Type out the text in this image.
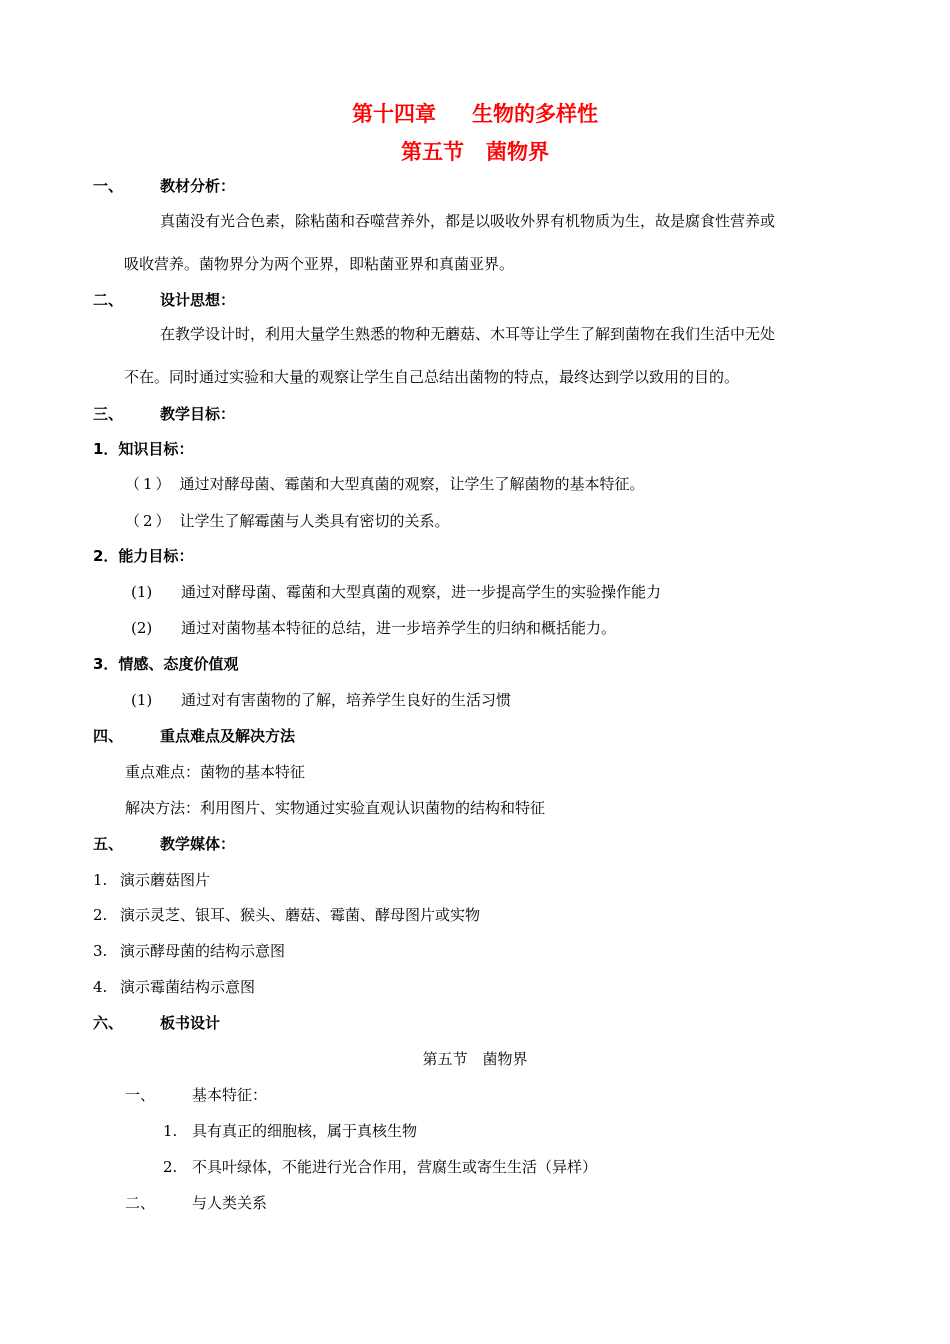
第十四章 生物的多样性
第五节 菌物界
一、 教材分析：
真菌没有光合色素，除粘菌和吞噬营养外，都是以吸收外界有机物质为生，故是腐食性营养或
吸收营养。菌物界分为两个亚界，即粘菌亚界和真菌亚界。
二、 设计思想：
在教学设计时，利用大量学生熟悉的物种无蘑菇、木耳等让学生了解到菌物在我们生活中无处
不在。同时通过实验和大量的观察让学生自己总结出菌物的特点，最终达到学以致用的目的。
三、 教学目标：
1．知识目标：
（1） 通过对酵母菌、霉菌和大型真菌的观察，让学生了解菌物的基本特征。
（2） 让学生了解霉菌与人类具有密切的关系。
2．能力目标：
(1) 通过对酵母菌、霉菌和大型真菌的观察，进一步提高学生的实验操作能力
(2) 通过对菌物基本特征的总结，进一步培养学生的归纳和概括能力。
3．情感、态度价值观
(1) 通过对有害菌物的了解，培养学生良好的生活习惯
四、 重点难点及解决方法
重点难点：菌物的基本特征
解决方法：利用图片、实物通过实验直观认识菌物的结构和特征
五、 教学媒体：
1. 演示蘑菇图片
2. 演示灵芝、银耳、猴头、蘑菇、霉菌、酵母图片或实物
3. 演示酵母菌的结构示意图
4. 演示霉菌结构示意图
六、 板书设计
第五节　菌物界
一、 基本特征：
1. 具有真正的细胞核，属于真核生物
2. 不具叶绿体，不能进行光合作用，营腐生或寄生生活（异样）
二、 与人类关系
